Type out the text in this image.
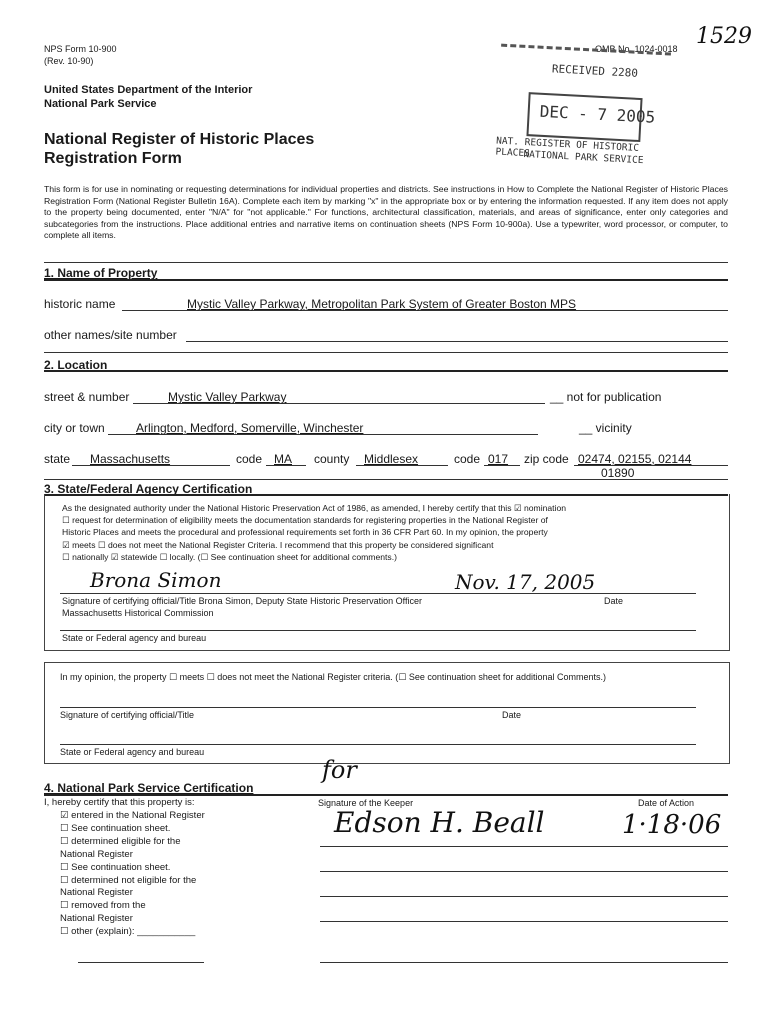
NPS Form 10-900
(Rev. 10-90)
OMB No. 1024-0018 1529
United States Department of the Interior
National Park Service
National Register of Historic Places
Registration Form
RECEIVED 2280
DEC - 7 2005
NAT. REGISTER OF HISTORIC PLACES
NATIONAL PARK SERVICE
This form is for use in nominating or requesting determinations for individual properties and districts. See instructions in How to Complete the National Register of Historic Places Registration Form (National Register Bulletin 16A). Complete each item by marking "x" in the appropriate box or by entering the information requested. If any item does not apply to the property being documented, enter "N/A" for "not applicable." For functions, architectural classification, materials, and areas of significance, enter only categories and subcategories from the instructions. Place additional entries and narrative items on continuation sheets (NPS Form 10-900a). Use a typewriter, word processor, or computer, to complete all items.
1. Name of Property
historic name	Mystic Valley Parkway, Metropolitan Park System of Greater Boston MPS
other names/site number
2. Location
street & number	Mystic Valley Parkway	__ not for publication
city or town	Arlington, Medford, Somerville, Winchester	__ vicinity
state Massachusetts	code MA county Middlesex	code 017 zip code 02474, 02155, 02144
01890
3. State/Federal Agency Certification
As the designated authority under the National Historic Preservation Act of 1986, as amended, I hereby certify that this ☑ nomination
☐ request for determination of eligibility meets the documentation standards for registering properties in the National Register of
Historic Places and meets the procedural and professional requirements set forth in 36 CFR Part 60. In my opinion, the property
☑ meets ☐ does not meet the National Register Criteria. I recommend that this property be considered significant
☐ nationally ☑ statewide ☐ locally. (☐ See continuation sheet for additional comments.)
Brona Simon	Nov. 17, 2005
Signature of certifying official/Title Brona Simon, Deputy State Historic Preservation Officer	Date
Massachusetts Historical Commission
State or Federal agency and bureau
In my opinion, the property ☐ meets ☐ does not meet the National Register criteria. (☐ See continuation sheet for additional Comments.)
Signature of certifying official/Title	Date
State or Federal agency and bureau
4. National Park Service Certification
I, hereby certify that this property is:
☑ entered in the National Register
☐ See continuation sheet.
☐ determined eligible for the
National Register
☐ See continuation sheet.
☐ determined not eligible for the
National Register
☐ removed from the
National Register
☐ other (explain): ___________
Signature of the Keeper	Date of Action
for
Edson H. Beall	1·18·06
